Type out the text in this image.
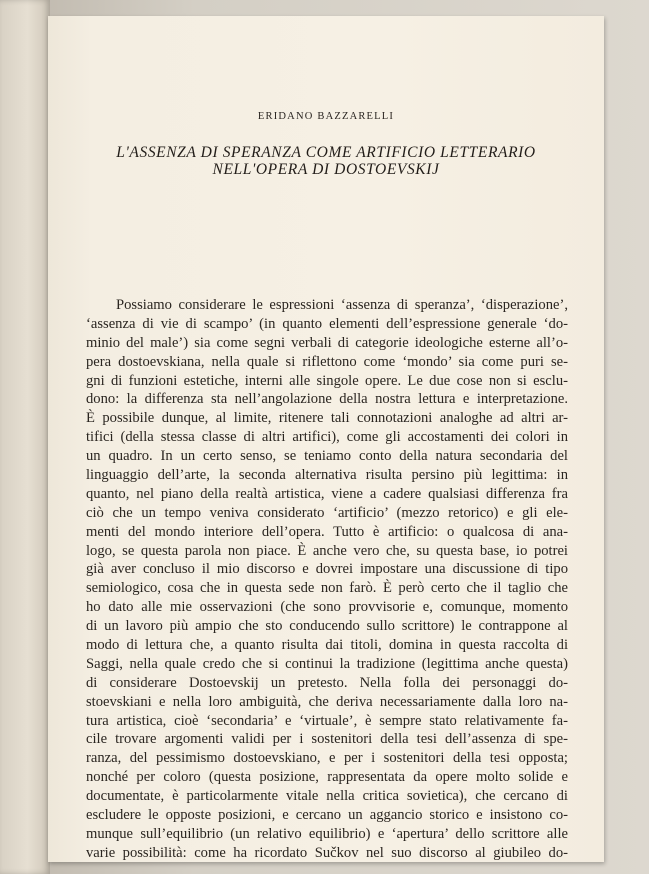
ERIDANO BAZZARELLI
L'ASSENZA DI SPERANZA COME ARTIFICIO LETTERARIO
NELL'OPERA DI DOSTOEVSKIJ
Possiamo considerare le espressioni ‘assenza di speranza’, ‘disperazione’,
‘assenza di vie di scampo’ (in quanto elementi dell’espressione generale ‘do-
minio del male’) sia come segni verbali di categorie ideologiche esterne all’o-
pera dostoevskiana, nella quale si riflettono come ‘mondo’ sia come puri se-
gni di funzioni estetiche, interni alle singole opere. Le due cose non si esclu-
dono: la differenza sta nell’angolazione della nostra lettura e interpretazione.
È possibile dunque, al limite, ritenere tali connotazioni analoghe ad altri ar-
tifici (della stessa classe di altri artifici), come gli accostamenti dei colori in
un quadro. In un certo senso, se teniamo conto della natura secondaria del
linguaggio dell’arte, la seconda alternativa risulta persino più legittima: in
quanto, nel piano della realtà artistica, viene a cadere qualsiasi differenza fra
ciò che un tempo veniva considerato ‘artificio’ (mezzo retorico) e gli ele-
menti del mondo interiore dell’opera. Tutto è artificio: o qualcosa di ana-
logo, se questa parola non piace. È anche vero che, su questa base, io potrei
già aver concluso il mio discorso e dovrei impostare una discussione di tipo
semiologico, cosa che in questa sede non farò. È però certo che il taglio che
ho dato alle mie osservazioni (che sono provvisorie e, comunque, momento
di un lavoro più ampio che sto conducendo sullo scrittore) le contrappone al
modo di lettura che, a quanto risulta dai titoli, domina in questa raccolta di
Saggi, nella quale credo che si continui la tradizione (legittima anche questa)
di considerare Dostoevskij un pretesto. Nella folla dei personaggi do-
stoevskiani e nella loro ambiguità, che deriva necessariamente dalla loro na-
tura artistica, cioè ‘secondaria’ e ‘virtuale’, è sempre stato relativamente fa-
cile trovare argomenti validi per i sostenitori della tesi dell’assenza di spe-
ranza, del pessimismo dostoevskiano, e per i sostenitori della tesi opposta;
nonché per coloro (questa posizione, rappresentata da opere molto solide e
documentate, è particolarmente vitale nella critica sovietica), che cercano di
escludere le opposte posizioni, e cercano un aggancio storico e insistono co-
munque sull’equilibrio (un relativo equilibrio) e ‘apertura’ dello scrittore alle
varie possibilità: come ha ricordato Sučkov nel suo discorso al giubileo do-
